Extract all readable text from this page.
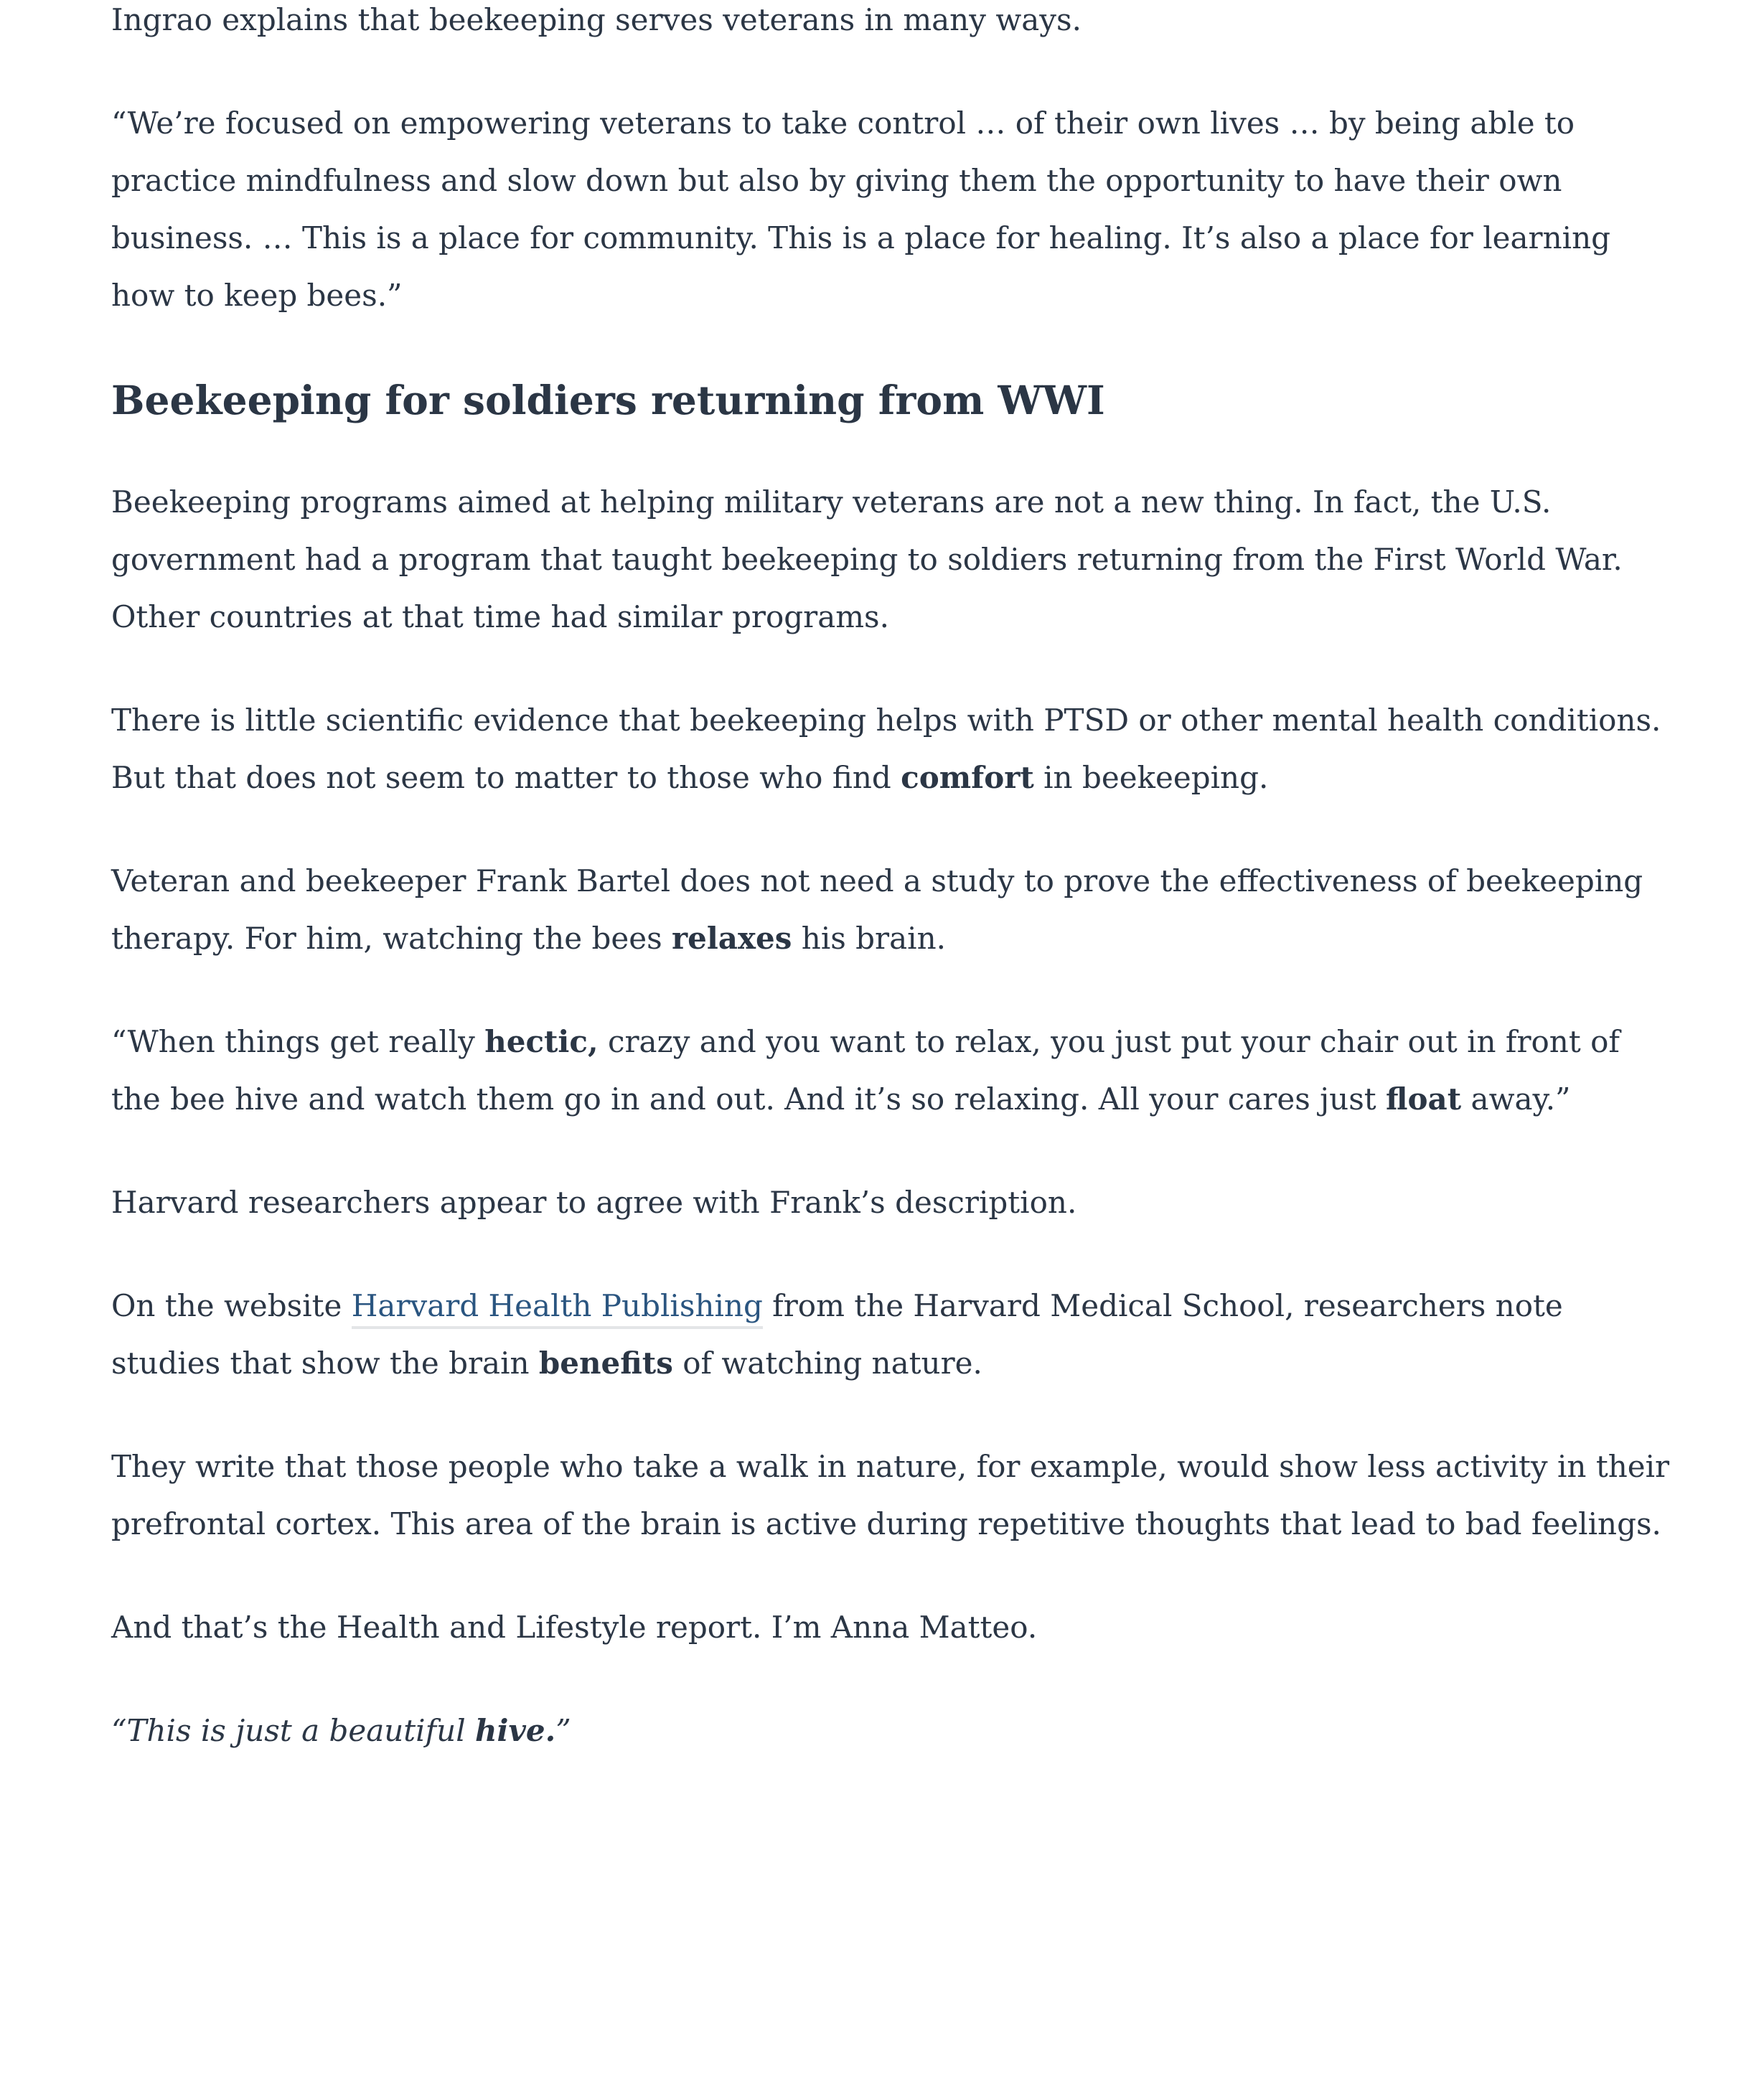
Ingrao explains that beekeeping serves veterans in many ways.

“We’re focused on empowering veterans to take control … of their own lives … by being able to practice mindfulness and slow down but also by giving them the opportunity to have their own business. … This is a place for community. This is a place for healing. It’s also a place for learning how to keep bees.”

Beekeeping for soldiers returning from WWI

Beekeeping programs aimed at helping military veterans are not a new thing. In fact, the U.S. government had a program that taught beekeeping to soldiers returning from the First World War. Other countries at that time had similar programs.

There is little scientific evidence that beekeeping helps with PTSD or other mental health conditions. But that does not seem to matter to those who find comfort in beekeeping.

Veteran and beekeeper Frank Bartel does not need a study to prove the effectiveness of beekeeping therapy. For him, watching the bees relaxes his brain.

“When things get really hectic, crazy and you want to relax, you just put your chair out in front of the bee hive and watch them go in and out. And it’s so relaxing. All your cares just float away.”

Harvard researchers appear to agree with Frank’s description.

On the website Harvard Health Publishing from the Harvard Medical School, researchers note studies that show the brain benefits of watching nature.

They write that those people who take a walk in nature, for example, would show less activity in their prefrontal cortex. This area of the brain is active during repetitive thoughts that lead to bad feelings.

And that’s the Health and Lifestyle report. I’m Anna Matteo.

“This is just a beautiful hive.”
